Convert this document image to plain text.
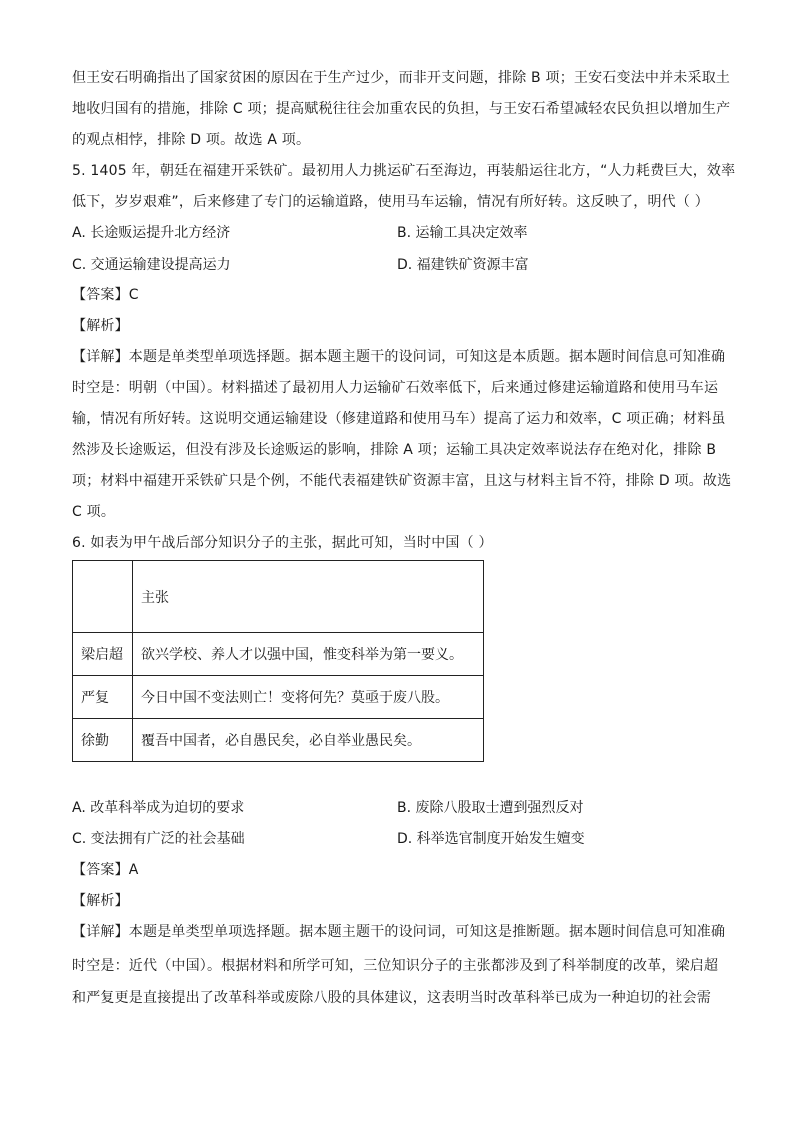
但王安石明确指出了国家贫困的原因在于生产过少，而非开支问题，排除 B 项；王安石变法中并未采取土
地收归国有的措施，排除 C 项；提高赋税往往会加重农民的负担，与王安石希望减轻农民负担以增加生产
的观点相悖，排除 D 项。故选 A 项。
5. 1405 年，朝廷在福建开采铁矿。最初用人力挑运矿石至海边，再装船运往北方，“人力耗费巨大，效率
低下，岁岁艰难”，后来修建了专门的运输道路，使用马车运输，情况有所好转。这反映了，明代（ ）
A. 长途贩运提升北方经济	B. 运输工具决定效率
C. 交通运输建设提高运力	D. 福建铁矿资源丰富
【答案】C
【解析】
【详解】本题是单类型单项选择题。据本题主题干的设问词，可知这是本质题。据本题时间信息可知准确
时空是：明朝（中国）。材料描述了最初用人力运输矿石效率低下，后来通过修建运输道路和使用马车运
输，情况有所好转。这说明交通运输建设（修建道路和使用马车）提高了运力和效率，C 项正确；材料虽
然涉及长途贩运，但没有涉及长途贩运的影响，排除 A 项；运输工具决定效率说法存在绝对化，排除 B
项；材料中福建开采铁矿只是个例，不能代表福建铁矿资源丰富，且这与材料主旨不符，排除 D 项。故选
C 项。
6. 如表为甲午战后部分知识分子的主张，据此可知，当时中国（ ）
	主张
梁启超	欲兴学校、养人才以强中国，惟变科举为第一要义。
严复	今日中国不变法则亡！变将何先？莫亟于废八股。
徐勤	覆吾中国者，必自愚民矣，必自举业愚民矣。
A. 改革科举成为迫切的要求	B. 废除八股取士遭到强烈反对
C. 变法拥有广泛的社会基础	D. 科举选官制度开始发生嬗变
【答案】A
【解析】
【详解】本题是单类型单项选择题。据本题主题干的设问词，可知这是推断题。据本题时间信息可知准确
时空是：近代（中国）。根据材料和所学可知，三位知识分子的主张都涉及到了科举制度的改革，梁启超
和严复更是直接提出了改革科举或废除八股的具体建议，这表明当时改革科举已成为一种迫切的社会需
